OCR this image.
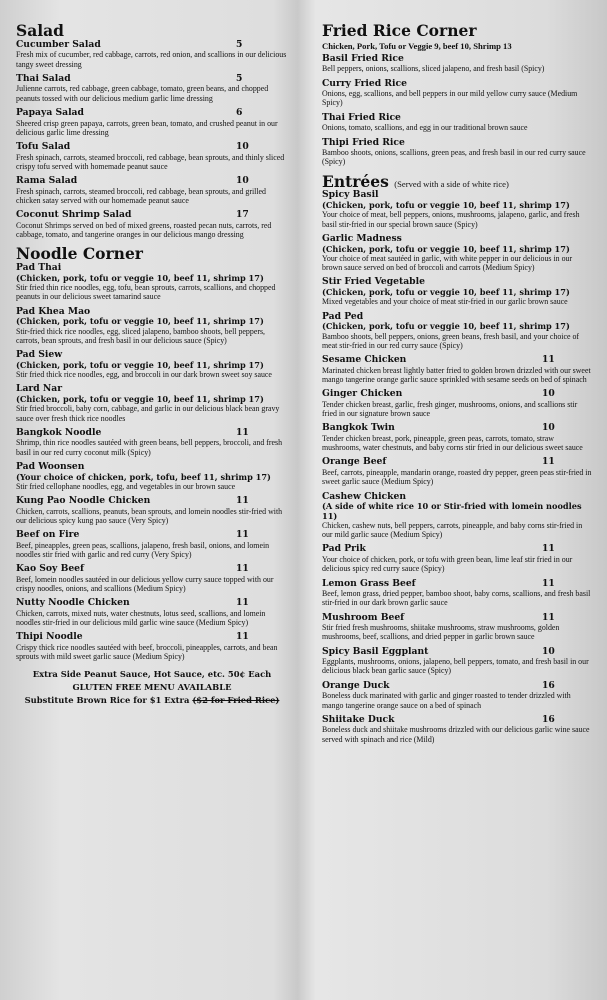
Salad
Cucumber Salad	5
Fresh mix of cucumber, red cabbage, carrots, red onion, and scallions in our delicious tangy sweet dressing
Thai Salad	5
Julienne carrots, red cabbage, green cabbage, tomato, green beans, and chopped peanuts tossed with our delicious medium garlic lime dressing
Papaya Salad	6
Sheered crisp green papaya, carrots, green bean, tomato, and crushed peanut in our delicious garlic lime dressing
Tofu Salad	10
Fresh spinach, carrots, steamed broccoli, red cabbage, bean sprouts, and thinly sliced crispy tofu served with homemade peanut sauce
Rama Salad	10
Fresh spinach, carrots, steamed broccoli, red cabbage, bean sprouts, and grilled chicken satay served with our homemade peanut sauce
Coconut Shrimp Salad	17
Coconut Shrimps served on bed of mixed greens, roasted pecan nuts, carrots, red cabbage, tomato, and tangerine oranges in our delicious mango dressing
Noodle Corner
Pad Thai
(Chicken, pork, tofu or veggie 10, beef 11, shrimp 17)
Stir fried thin rice noodles, egg, tofu, bean sprouts, carrots, scallions, and chopped peanuts in our delicious sweet tamarind sauce
Pad Khea Mao
(Chicken, pork, tofu or veggie 10, beef 11, shrimp 17)
Stir-fried thick rice noodles, egg, sliced jalapeno, bamboo shoots, bell peppers, carrots, bean sprouts, and fresh basil in our delicious sauce (Spicy)
Pad Siew
(Chicken, pork, tofu or veggie 10, beef 11, shrimp 17)
Stir fried thick rice noodles, egg, and broccoli in our dark brown sweet soy sauce
Lard Nar
(Chicken, pork, tofu or veggie 10, beef 11, shrimp 17)
Stir fried broccoli, baby corn, cabbage, and garlic in our delicious black bean gravy sauce over fresh thick rice noodles
Bangkok Noodle	11
Shrimp, thin rice noodles sautéed with green beans, bell peppers, broccoli, and fresh basil in our red curry coconut milk (Spicy)
Pad Woonsen
(Your choice of chicken, pork, tofu, beef 11, shrimp 17)
Stir fried cellophane noodles, egg, and vegetables in our brown sauce
Kung Pao Noodle Chicken	11
Chicken, carrots, scallions, peanuts, bean sprouts, and lomein noodles stir-fried with our delicious spicy kung pao sauce (Very Spicy)
Beef on Fire	11
Beef, pineapples, green peas, scallions, jalapeno, fresh basil, onions, and lomein noodles stir fried with garlic and red curry (Very Spicy)
Kao Soy Beef	11
Beef, lomein noodles sautéed in our delicious yellow curry sauce topped with our crispy noodles, onions, and scallions (Medium Spicy)
Nutty Noodle Chicken	11
Chicken, carrots, mixed nuts, water chestnuts, lotus seed, scallions, and lomein noodles stir-fried in our delicious mild garlic wine sauce (Medium Spicy)
Thipi Noodle	11
Crispy thick rice noodles sautéed with beef, broccoli, pineapples, carrots, and bean sprouts with mild sweet garlic sauce (Medium Spicy)
Extra Side Peanut Sauce, Hot Sauce, etc. 50¢ Each
GLUTEN FREE MENU AVAILABLE
Substitute Brown Rice for $1 Extra ($2 for Fried Rice)
Fried Rice Corner
Chicken, Pork, Tofu or Veggie 9, beef 10, Shrimp 13
Basil Fried Rice
Bell peppers, onions, scallions, sliced jalapeno, and fresh basil (Spicy)
Curry Fried Rice
Onions, egg, scallions, and bell peppers in our mild yellow curry sauce (Medium Spicy)
Thai Fried Rice
Onions, tomato, scallions, and egg in our traditional brown sauce
Thipi Fried Rice
Bamboo shoots, onions, scallions, green peas, and fresh basil in our red curry sauce (Spicy)
Entrées (Served with a side of white rice)
Spicy Basil
(Chicken, pork, tofu or veggie 10, beef 11, shrimp 17)
Your choice of meat, bell peppers, onions, mushrooms, jalapeno, garlic, and fresh basil stir-fried in our special brown sauce (Spicy)
Garlic Madness
(Chicken, pork, tofu or veggie 10, beef 11, shrimp 17)
Your choice of meat sautéed in garlic, with white pepper in our delicious in our brown sauce served on bed of broccoli and carrots (Medium Spicy)
Stir Fried Vegetable
(Chicken, pork, tofu or veggie 10, beef 11, shrimp 17)
Mixed vegetables and your choice of meat stir-fried in our garlic brown sauce
Pad Ped
(Chicken, pork, tofu or veggie 10, beef 11, shrimp 17)
Bamboo shoots, bell peppers, onions, green beans, fresh basil, and your choice of meat stir-fried in our red curry sauce (Spicy)
Sesame Chicken	11
Marinated chicken breast lightly batter fried to golden brown drizzled with our sweet mango tangerine orange garlic sauce sprinkled with sesame seeds on bed of spinach
Ginger Chicken	10
Tender chicken breast, garlic, fresh ginger, mushrooms, onions, and scallions stir fried in our signature brown sauce
Bangkok Twin	10
Tender chicken breast, pork, pineapple, green peas, carrots, tomato, straw mushrooms, water chestnuts, and baby corns stir fried in our delicious sweet sauce
Orange Beef	11
Beef, carrots, pineapple, mandarin orange, roasted dry pepper, green peas stir-fried in sweet garlic sauce (Medium Spicy)
Cashew Chicken
(A side of white rice 10 or Stir-fried with lomein noodles 11)
Chicken, cashew nuts, bell peppers, carrots, pineapple, and baby corns stir-fried in our mild garlic sauce (Medium Spicy)
Pad Prik	11
Your choice of chicken, pork, or tofu with green bean, lime leaf stir fried in our delicious spicy red curry sauce (Spicy)
Lemon Grass Beef	11
Beef, lemon grass, dried pepper, bamboo shoot, baby corns, scallions, and fresh basil stir-fried in our dark brown garlic sauce
Mushroom Beef	11
Stir fried fresh mushrooms, shiitake mushrooms, straw mushrooms, golden mushrooms, beef, scallions, and dried pepper in garlic brown sauce
Spicy Basil Eggplant	10
Eggplants, mushrooms, onions, jalapeno, bell peppers, tomato, and fresh basil in our delicious black bean garlic sauce (Spicy)
Orange Duck	16
Boneless duck marinated with garlic and ginger roasted to tender drizzled with mango tangerine orange sauce on a bed of spinach
Shiitake Duck	16
Boneless duck and shiitake mushrooms drizzled with our delicious garlic wine sauce served with spinach and rice (Mild)
